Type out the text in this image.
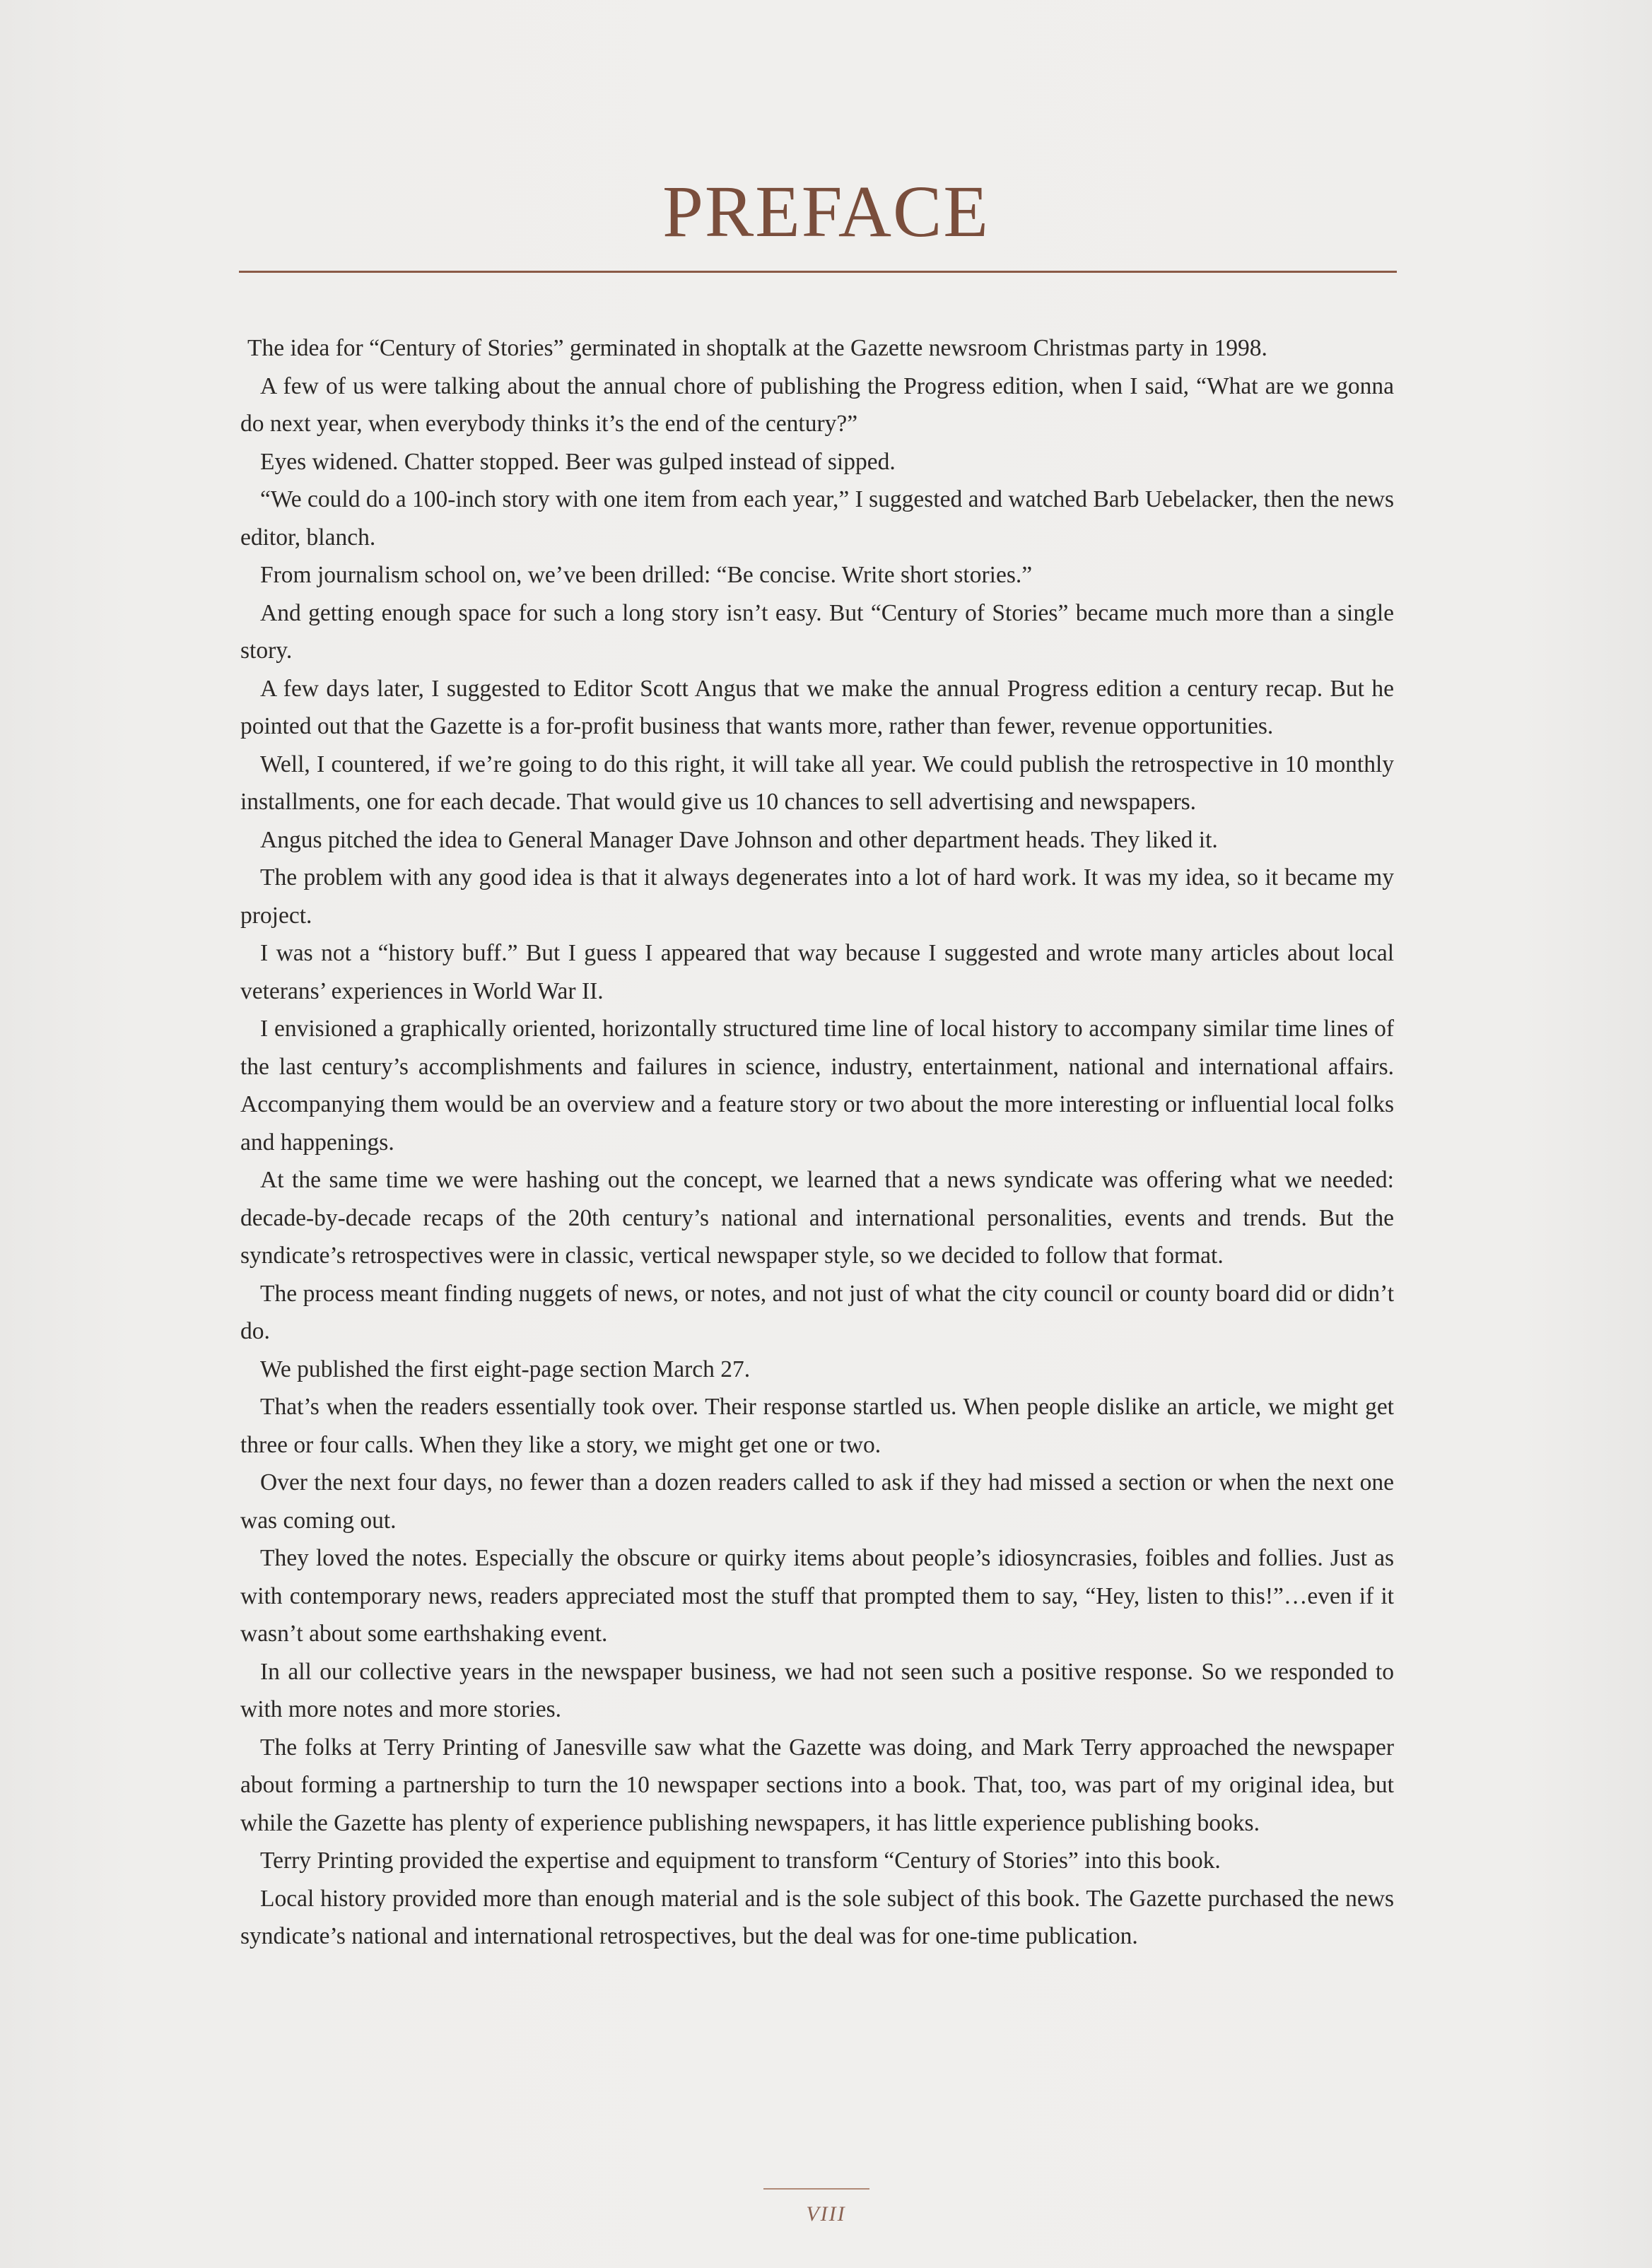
PREFACE

The idea for “Century of Stories” germinated in shoptalk at the Gazette newsroom Christmas party in 1998.

A few of us were talking about the annual chore of publishing the Progress edition, when I said, “What are we gonna do next year, when everybody thinks it’s the end of the century?”

Eyes widened. Chatter stopped. Beer was gulped instead of sipped.

“We could do a 100-inch story with one item from each year,” I suggested and watched Barb Uebelacker, then the news editor, blanch.

From journalism school on, we’ve been drilled: “Be concise. Write short stories.”

And getting enough space for such a long story isn’t easy. But “Century of Stories” became much more than a single story.

A few days later, I suggested to Editor Scott Angus that we make the annual Progress edition a century recap. But he pointed out that the Gazette is a for-profit business that wants more, rather than fewer, revenue opportunities.

Well, I countered, if we’re going to do this right, it will take all year. We could publish the retrospective in 10 monthly installments, one for each decade. That would give us 10 chances to sell advertising and newspapers.

Angus pitched the idea to General Manager Dave Johnson and other department heads. They liked it.

The problem with any good idea is that it always degenerates into a lot of hard work. It was my idea, so it became my project.

I was not a “history buff.” But I guess I appeared that way because I suggested and wrote many articles about local veterans’ experiences in World War II.

I envisioned a graphically oriented, horizontally structured time line of local history to accompany similar time lines of the last century’s accomplishments and failures in science, industry, entertainment, national and international affairs. Accompanying them would be an overview and a feature story or two about the more interesting or influential local folks and happenings.

At the same time we were hashing out the concept, we learned that a news syndicate was offering what we needed: decade-by-decade recaps of the 20th century’s national and international personalities, events and trends. But the syndicate’s retrospectives were in classic, vertical newspaper style, so we decided to follow that format.

The process meant finding nuggets of news, or notes, and not just of what the city council or county board did or didn’t do.

We published the first eight-page section March 27.

That’s when the readers essentially took over. Their response startled us. When people dislike an article, we might get three or four calls. When they like a story, we might get one or two.

Over the next four days, no fewer than a dozen readers called to ask if they had missed a section or when the next one was coming out.

They loved the notes. Especially the obscure or quirky items about people’s idiosyncrasies, foibles and follies. Just as with contemporary news, readers appreciated most the stuff that prompted them to say, “Hey, listen to this!”…even if it wasn’t about some earthshaking event.

In all our collective years in the newspaper business, we had not seen such a positive response. So we responded to with more notes and more stories.

The folks at Terry Printing of Janesville saw what the Gazette was doing, and Mark Terry approached the newspaper about forming a partnership to turn the 10 newspaper sections into a book. That, too, was part of my original idea, but while the Gazette has plenty of experience publishing newspapers, it has little experience publishing books.

Terry Printing provided the expertise and equipment to transform “Century of Stories” into this book.

Local history provided more than enough material and is the sole subject of this book. The Gazette purchased the news syndicate’s national and international retrospectives, but the deal was for one-time publication.

VIII
